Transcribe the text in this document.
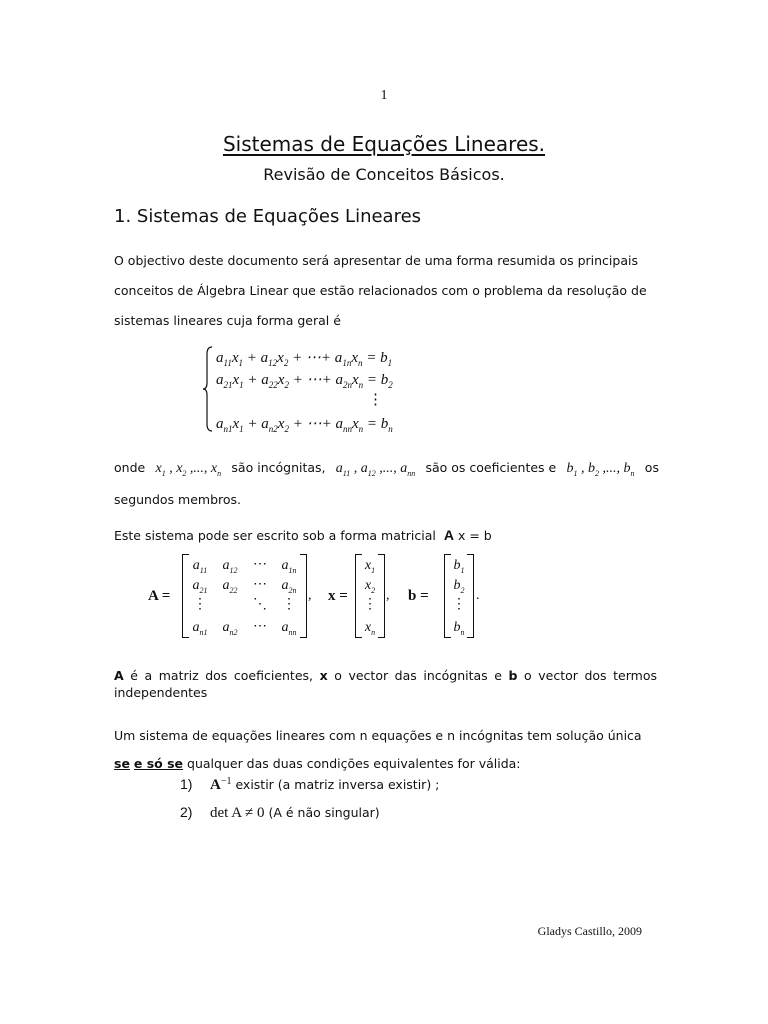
1
Sistemas de Equações Lineares.
Revisão de Conceitos Básicos.
1. Sistemas de Equações Lineares
O objectivo deste documento será apresentar de uma forma resumida os principais
conceitos de Álgebra Linear que estão relacionados com o problema da resolução de
sistemas lineares cuja forma geral é
$a_{11}x_1 + a_{12}x_2$ + ⋯+ $a_{1n}x_n = b_1$
$a_{21}x_1 + a_{22}x_2$ + ⋯+ $a_{2n}x_n = b_2$
⋮
$a_{n1}x_1 + a_{n2}x_2$ + ⋯+ $a_{nn}x_n = b_n$
onde $x_1$ , $x_2$ ,..., $x_n$ são incógnitas, $a_{11}$ , $a_{12}$ ,..., $a_{nn}$ são os coeficientes e $b_1$ , $b_2$ ,..., $b_n$ os
segundos membros.
Este sistema pode ser escrito sob a forma matricial A x = b
A =
$a_{11}$	$a_{12}$	⋯	$a_{1n}$
$a_{21}$	$a_{22}$	⋯	$a_{2n}$
⋮	⋱	⋮
$a_{n1}$	$a_{n2}$	⋯	$a_{nn}$
, x =
$x_1$
$x_2$
⋮
$x_n$
, b =
$b_1$
$b_2$
⋮
$b_n$
.
A é a matriz dos coeficientes, x o vector das incógnitas e b o vector dos termos independentes
Um sistema de equações lineares com n equações e n incógnitas tem solução única se e só se qualquer das duas condições equivalentes for válida:
1) $A^{-1}$ existir (a matriz inversa existir) ;
2) det A ≠ 0 (A é não singular)
Gladys Castillo, 2009
